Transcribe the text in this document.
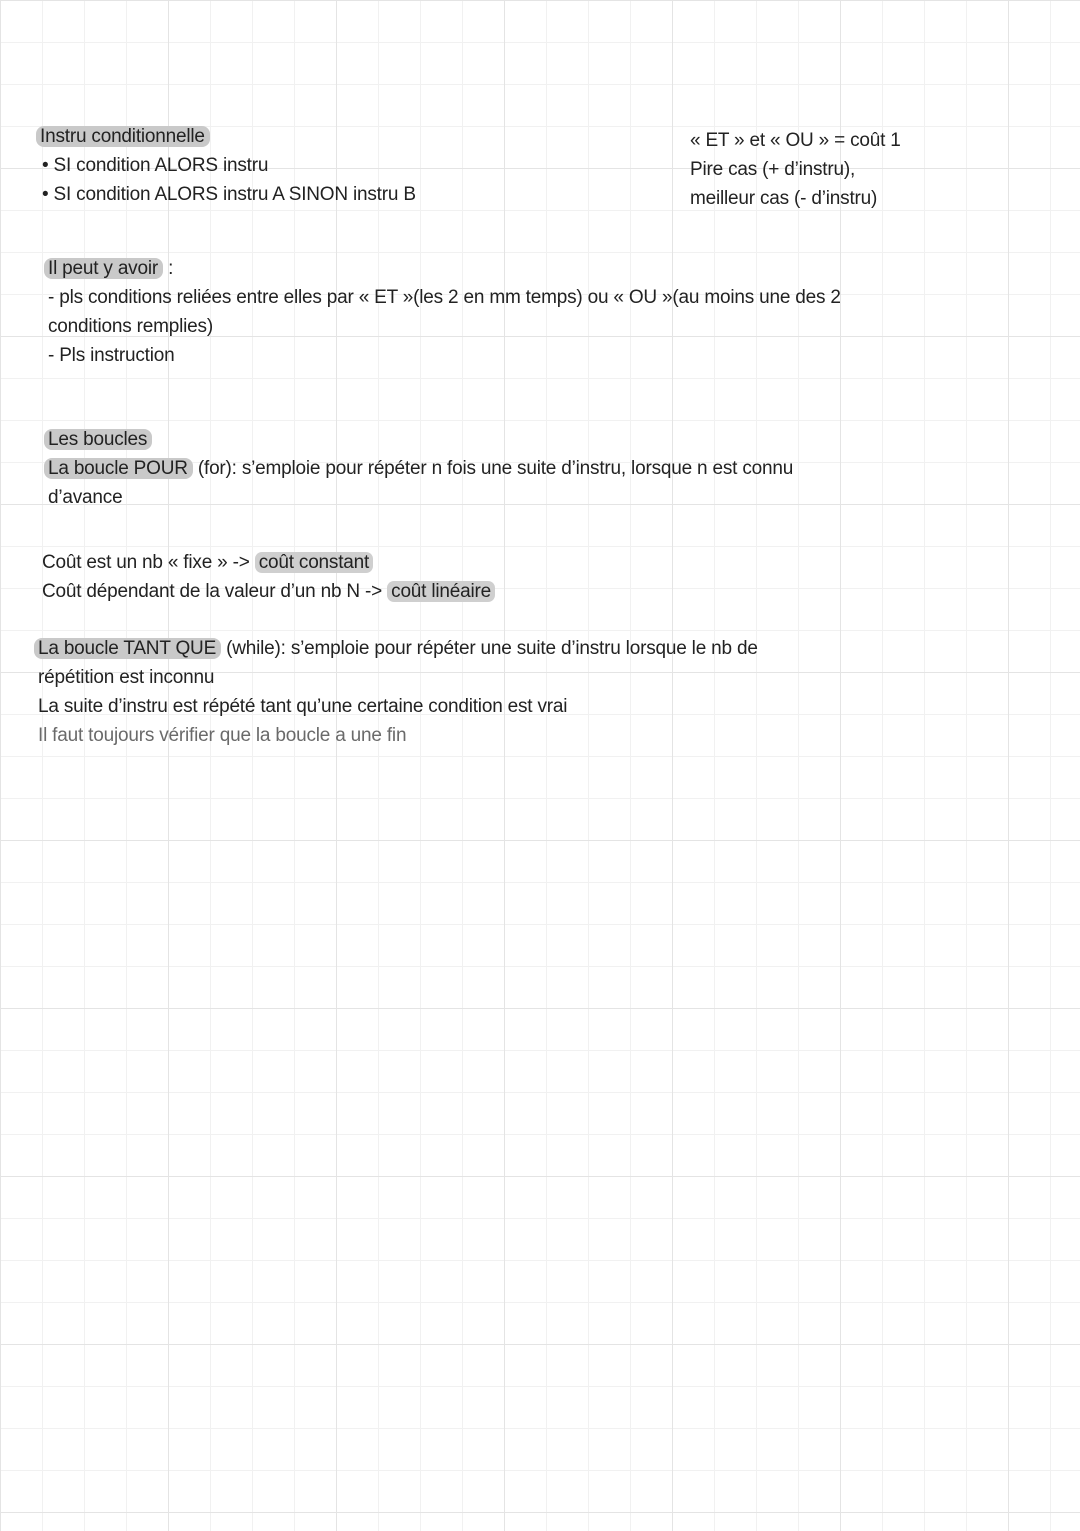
Instru conditionnelle
• SI condition ALORS instru
• SI condition ALORS instru A SINON instru B
« ET » et « OU » = coût 1
Pire cas (+ d’instru),
meilleur cas (- d’instru)
Il peut y avoir :
- pls conditions reliées entre elles par « ET »(les 2 en mm temps) ou « OU »(au moins une des 2
conditions remplies)
- Pls instruction
Les boucles
La boucle POUR (for): s’emploie pour répéter n fois une suite d’instru, lorsque n est connu
d’avance
Coût est un nb « fixe » -> coût constant
Coût dépendant de la valeur d’un nb N -> coût linéaire
La boucle TANT QUE (while): s’emploie pour répéter une suite d’instru lorsque le nb de
répétition est inconnu
La suite d’instru est répété tant qu’une certaine condition est vrai
Il faut toujours vérifier que la boucle a une fin
